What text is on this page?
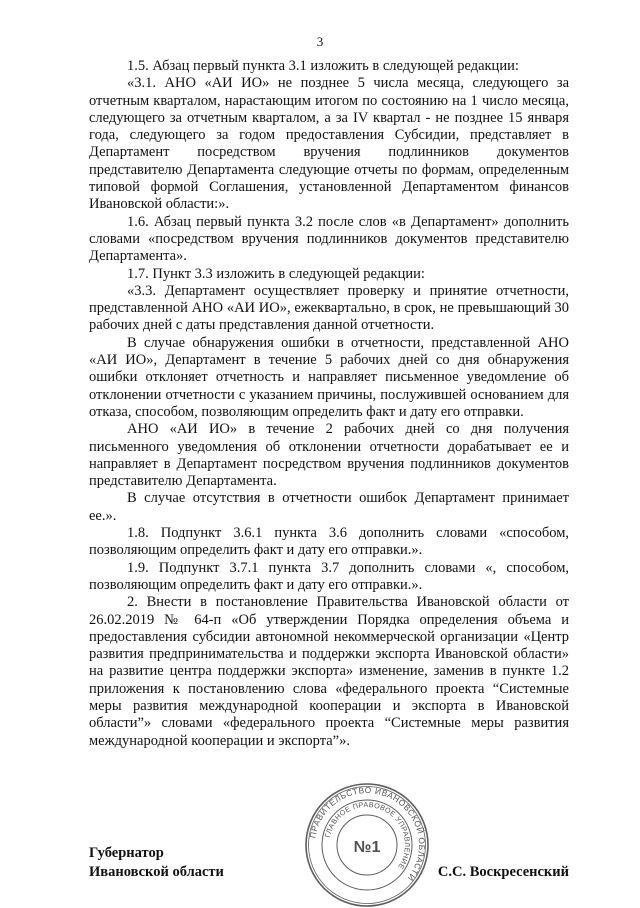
3

1.5. Абзац первый пункта 3.1 изложить в следующей редакции:

«3.1. АНО «АИ ИО» не позднее 5 числа месяца, следующего за отчетным кварталом, нарастающим итогом по состоянию на 1 число месяца, следующего за отчетным кварталом, а за IV квартал - не позднее 15 января года, следующего за годом предоставления Субсидии, представляет в Департамент посредством вручения подлинников документов представителю Департамента следующие отчеты по формам, определенным типовой формой Соглашения, установленной Департаментом финансов Ивановской области:».

1.6. Абзац первый пункта 3.2 после слов «в Департамент» дополнить словами «посредством вручения подлинников документов представителю Департамента».

1.7. Пункт 3.3 изложить в следующей редакции:

«3.3. Департамент осуществляет проверку и принятие отчетности, представленной АНО «АИ ИО», ежеквартально, в срок, не превышающий 30 рабочих дней с даты представления данной отчетности.

В случае обнаружения ошибки в отчетности, представленной АНО «АИ ИО», Департамент в течение 5 рабочих дней со дня обнаружения ошибки отклоняет отчетность и направляет письменное уведомление об отклонении отчетности с указанием причины, послужившей основанием для отказа, способом, позволяющим определить факт и дату его отправки.

АНО «АИ ИО» в течение 2 рабочих дней со дня получения письменного уведомления об отклонении отчетности дорабатывает ее и направляет в Департамент посредством вручения подлинников документов представителю Департамента.

В случае отсутствия в отчетности ошибок Департамент принимает ее.».

1.8. Подпункт 3.6.1 пункта 3.6 дополнить словами «способом, позволяющим определить факт и дату его отправки.».

1.9. Подпункт 3.7.1 пункта 3.7 дополнить словами «, способом, позволяющим определить факт и дату его отправки.».

2. Внести в постановление Правительства Ивановской области от 26.02.2019 № 64-п «Об утверждении Порядка определения объема и предоставления субсидии автономной некоммерческой организации «Центр развития предпринимательства и поддержки экспорта Ивановской области» на развитие центра поддержки экспорта» изменение, заменив в пункте 1.2 приложения к постановлению слова «федерального проекта “Системные меры развития международной кооперации и экспорта в Ивановской области”» словами «федерального проекта “Системные меры развития международной кооперации и экспорта”».

ПРАВИТЕЛЬСТВО ИВАНОВСКОЙ ОБЛАСТИ
ГЛАВНОЕ ПРАВОВОЕ УПРАВЛЕНИЕ
№1
Губернатор
Ивановской области	С.С. Воскресенский
